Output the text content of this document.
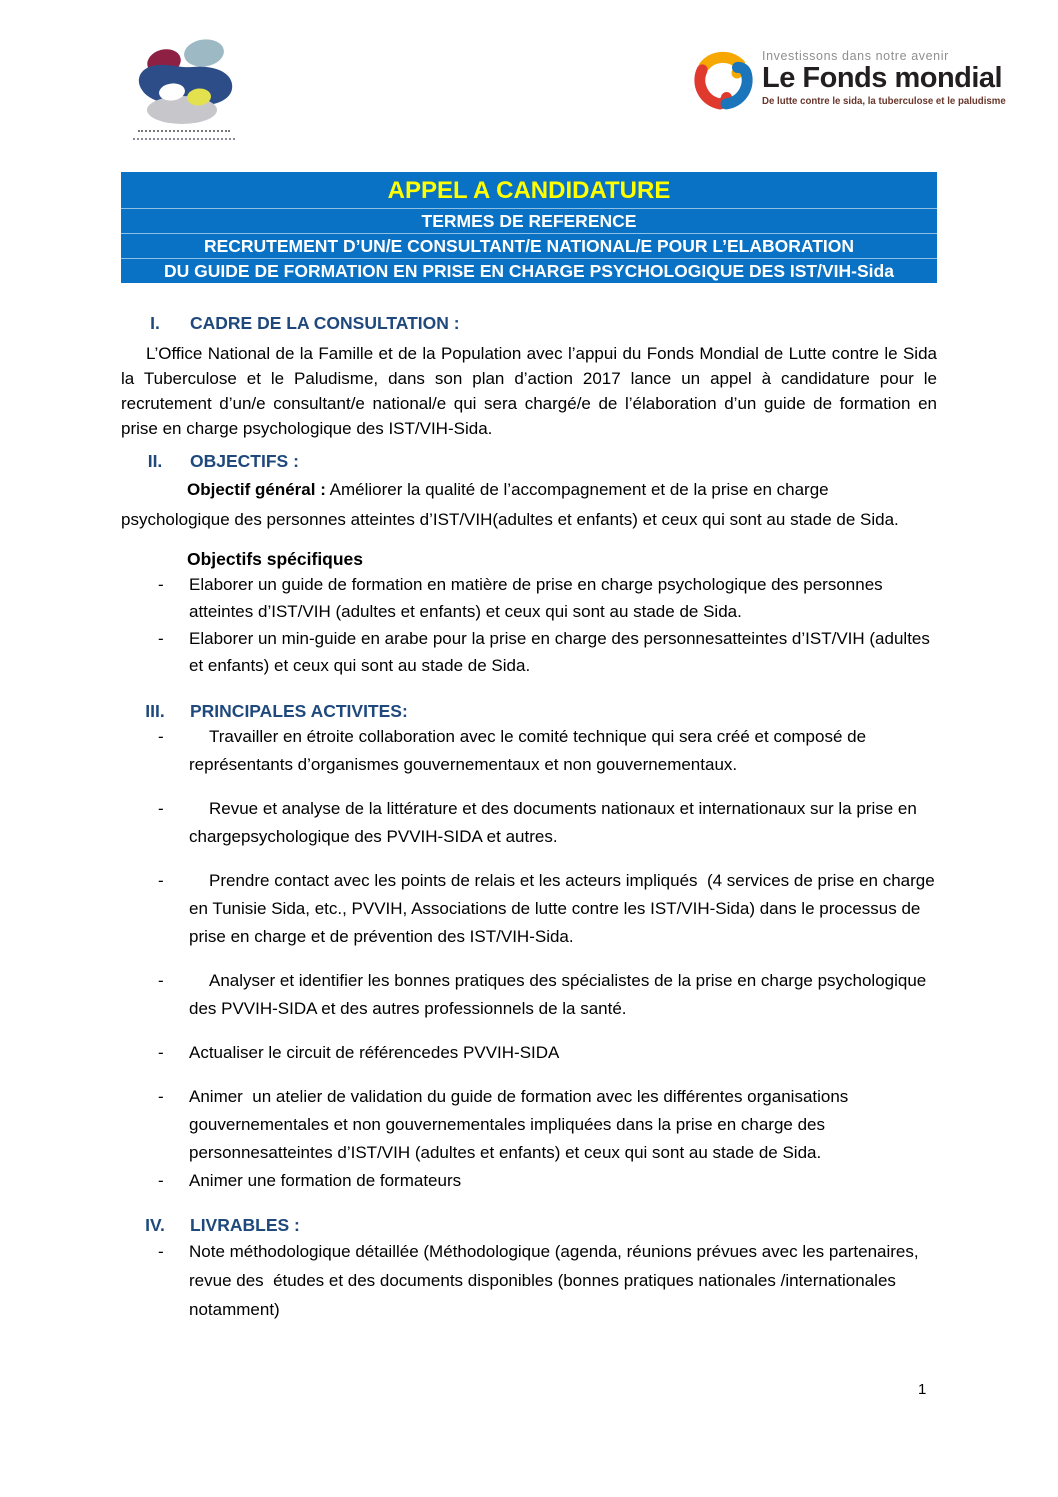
Investissons dans notre avenir
Le Fonds mondial
De lutte contre le sida, la tuberculose et le paludisme
APPEL A CANDIDATURE
TERMES DE REFERENCE
RECRUTEMENT D’UN/E CONSULTANT/E NATIONAL/E POUR L’ELABORATION
DU GUIDE DE FORMATION EN PRISE EN CHARGE PSYCHOLOGIQUE DES IST/VIH-Sida
I.	CADRE DE LA CONSULTATION :

L’Office National de la Famille et de la Population avec l’appui du Fonds Mondial de Lutte contre le Sida la Tuberculose et le Paludisme, dans son plan d’action 2017 lance un appel à candidature pour le recrutement d’un/e consultant/e national/e qui sera chargé/e de l’élaboration d’un guide de formation en prise en charge psychologique des IST/VIH-Sida.

II.	OBJECTIFS :

Objectif général : Améliorer la qualité de l’accompagnement et de la prise en charge psychologique des personnes atteintes d’IST/VIH(adultes et enfants) et ceux qui sont au stade de Sida.

Objectifs spécifiques

-	Elaborer un guide de formation en matière de prise en charge psychologique des personnes atteintes d’IST/VIH (adultes et enfants) et ceux qui sont au stade de Sida.
-	Elaborer un min-guide en arabe pour la prise en charge des personnesatteintes d’IST/VIH (adultes et enfants) et ceux qui sont au stade de Sida.
III.	PRINCIPALES ACTIVITES:
-	Travailler en étroite collaboration avec le comité technique qui sera créé et composé de représentants d’organismes gouvernementaux et non gouvernementaux.
-	Revue et analyse de la littérature et des documents nationaux et internationaux sur la prise en chargepsychologique des PVVIH-SIDA et autres.
-	Prendre contact avec les points de relais et les acteurs impliqués  (4 services de prise en charge en Tunisie Sida, etc., PVVIH, Associations de lutte contre les IST/VIH-Sida) dans le processus de prise en charge et de prévention des IST/VIH-Sida.
-	Analyser et identifier les bonnes pratiques des spécialistes de la prise en charge psychologique des PVVIH-SIDA et des autres professionnels de la santé.
-	Actualiser le circuit de référencedes PVVIH-SIDA
-	Animer  un atelier de validation du guide de formation avec les différentes organisations gouvernementales et non gouvernementales impliquées dans la prise en charge des personnesatteintes d’IST/VIH (adultes et enfants) et ceux qui sont au stade de Sida.
-	Animer une formation de formateurs
IV.	LIVRABLES :
-	Note méthodologique détaillée (Méthodologique (agenda, réunions prévues avec les partenaires, revue des  études et des documents disponibles (bonnes pratiques nationales /internationales notamment)
1
